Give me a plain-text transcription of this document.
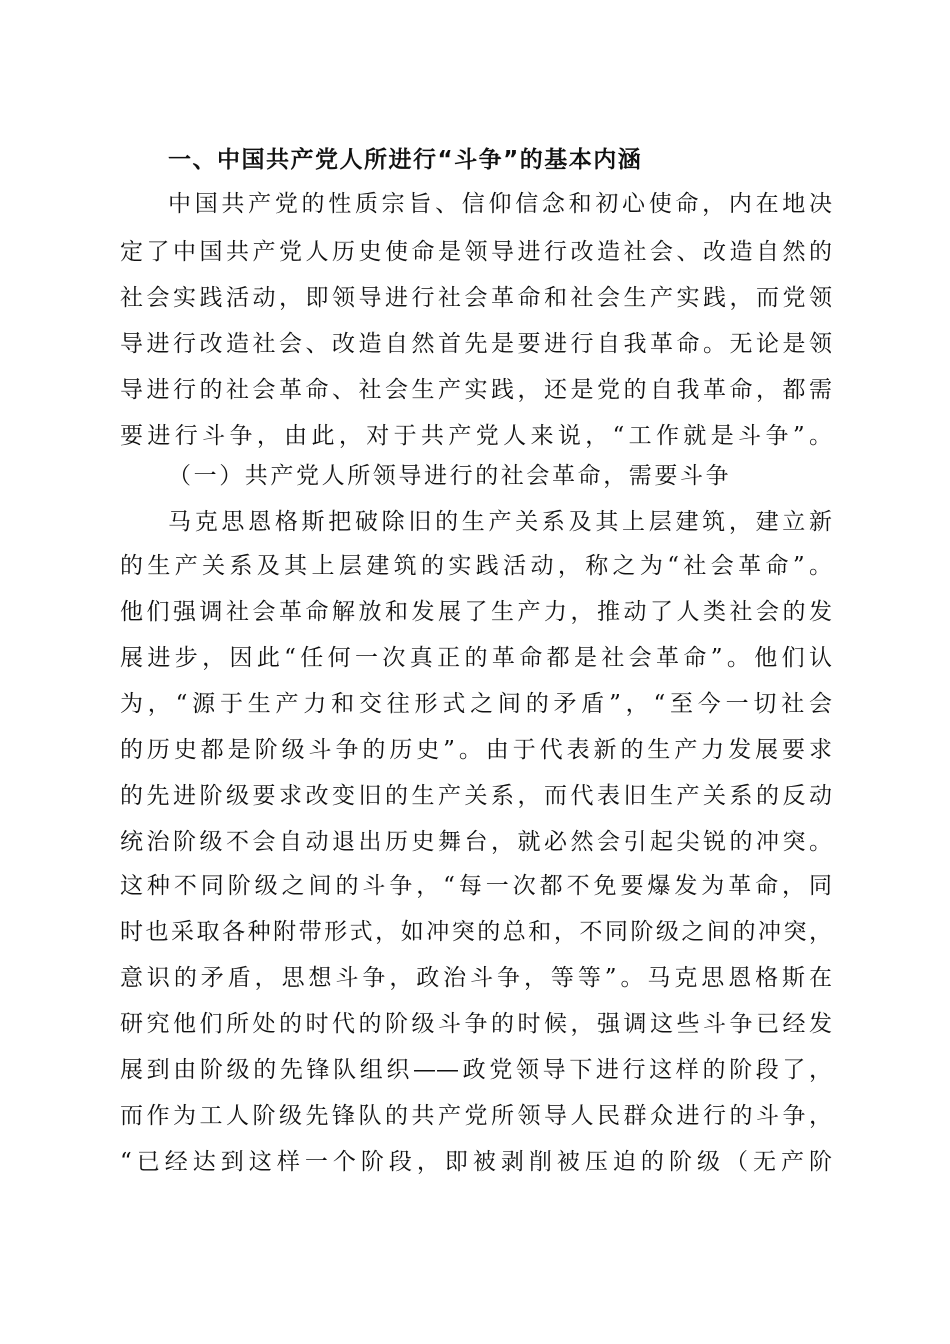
一、中国共产党人所进行“斗争”的基本内涵
中国共产党的性质宗旨、信仰信念和初心使命，内在地决
定了中国共产党人历史使命是领导进行改造社会、改造自然的
社会实践活动，即领导进行社会革命和社会生产实践，而党领
导进行改造社会、改造自然首先是要进行自我革命。无论是领
导进行的社会革命、社会生产实践，还是党的自我革命，都需
要进行斗争，由此，对于共产党人来说，“工作就是斗争”。
（一）共产党人所领导进行的社会革命，需要斗争
马克思恩格斯把破除旧的生产关系及其上层建筑，建立新
的生产关系及其上层建筑的实践活动，称之为“社会革命”。
他们强调社会革命解放和发展了生产力，推动了人类社会的发
展进步，因此“任何一次真正的革命都是社会革命”。他们认
为，“源于生产力和交往形式之间的矛盾”，“至今一切社会
的历史都是阶级斗争的历史”。由于代表新的生产力发展要求
的先进阶级要求改变旧的生产关系，而代表旧生产关系的反动
统治阶级不会自动退出历史舞台，就必然会引起尖锐的冲突。
这种不同阶级之间的斗争，“每一次都不免要爆发为革命，同
时也采取各种附带形式，如冲突的总和，不同阶级之间的冲突，
意识的矛盾，思想斗争，政治斗争，等等”。马克思恩格斯在
研究他们所处的时代的阶级斗争的时候，强调这些斗争已经发
展到由阶级的先锋队组织——政党领导下进行这样的阶段了，
而作为工人阶级先锋队的共产党所领导人民群众进行的斗争，
“已经达到这样一个阶段，即被剥削被压迫的阶级（无产阶
